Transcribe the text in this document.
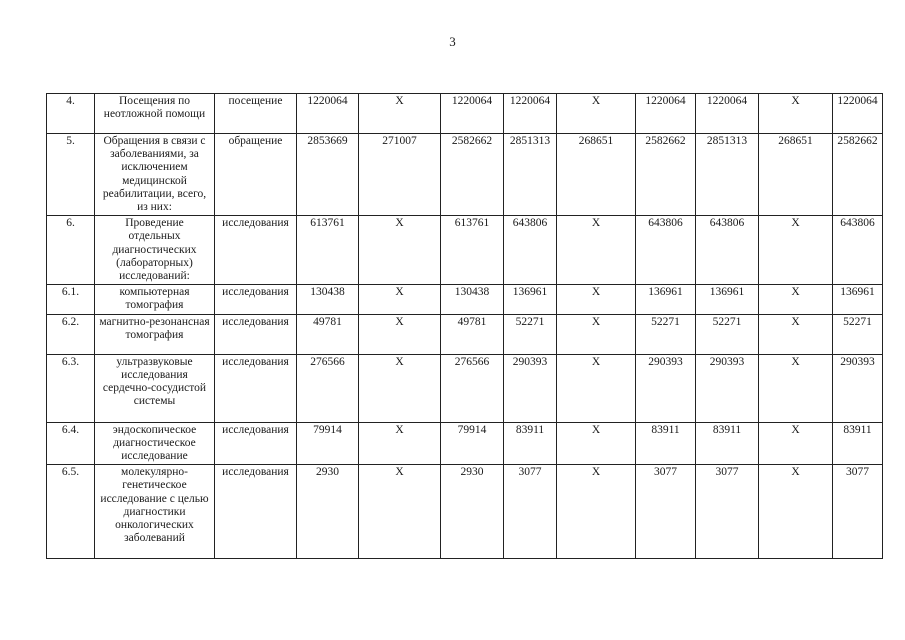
3
4.	Посещения по неотложной помощи	посещение	1220064	Х	1220064	1220064	Х	1220064	1220064	Х	1220064
5.	Обращения в связи с заболеваниями, за исключением медицинской реабилитации, всего, из них:	обращение	2853669	271007	2582662	2851313	268651	2582662	2851313	268651	2582662
6.	Проведение отдельных диагностических (лабораторных) исследований:	исследования	613761	Х	613761	643806	Х	643806	643806	Х	643806
6.1.	компьютерная томография	исследования	130438	Х	130438	136961	Х	136961	136961	Х	136961
6.2.	магнитно-резонансная томография	исследования	49781	Х	49781	52271	Х	52271	52271	Х	52271
6.3.	ультразвуковые исследования сердечно-сосудистой системы	исследования	276566	Х	276566	290393	Х	290393	290393	Х	290393
6.4.	эндоскопическое диагностическое исследование	исследования	79914	Х	79914	83911	Х	83911	83911	Х	83911
6.5.	молекулярно-генетическое исследование с целью диагностики онкологических заболеваний	исследования	2930	Х	2930	3077	Х	3077	3077	Х	3077
